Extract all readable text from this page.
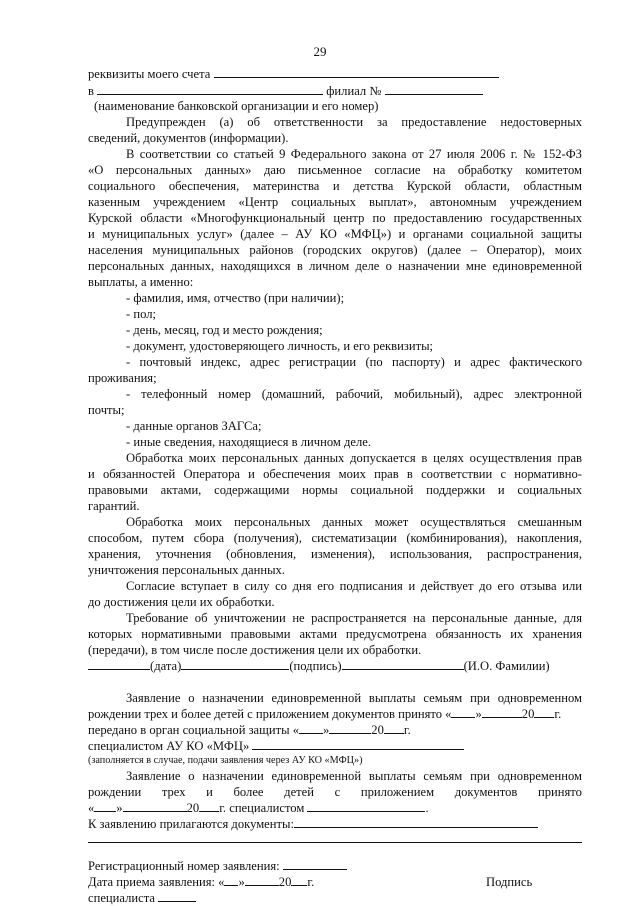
29
реквизиты моего счета
в	филиал №
(наименование банковской организации и его номер)
Предупрежден (а) об ответственности за предоставление недостоверных
сведений, документов (информации).
В соответствии со статьей 9 Федерального закона от 27 июля 2006 г. № 152-ФЗ
«О персональных данных» даю письменное согласие на обработку комитетом
социального обеспечения, материнства и детства Курской области, областным
казенным учреждением «Центр социальных выплат», автономным учреждением
Курской области «Многофункциональный центр по предоставлению государственных
и муниципальных услуг» (далее – АУ КО «МФЦ») и органами социальной защиты
населения муниципальных районов (городских округов) (далее – Оператор), моих
персональных данных, находящихся в личном деле о назначении мне единовременной
выплаты, а именно:
- фамилия, имя, отчество (при наличии);
- пол;
- день, месяц, год и место рождения;
- документ, удостоверяющего личность, и его реквизиты;
- почтовый индекс, адрес регистрации (по паспорту) и адрес фактического
проживания;
- телефонный номер (домашний, рабочий, мобильный), адрес электронной
почты;
- данные органов ЗАГСа;
- иные сведения, находящиеся в личном деле.
Обработка моих персональных данных допускается в целях осуществления прав
и обязанностей Оператора и обеспечения моих прав в соответствии с нормативно-
правовыми актами, содержащими нормы социальной поддержки и социальных
гарантий.
Обработка моих персональных данных может осуществляться смешанным
способом, путем сбора (получения), систематизации (комбинирования), накопления,
хранения, уточнения (обновления, изменения), использования, распространения,
уничтожения персональных данных.
Согласие вступает в силу со дня его подписания и действует до его отзыва или
до достижения цели их обработки.
Требование об уничтожении не распространяется на персональные данные, для
которых нормативными правовыми актами предусмотрена обязанность их хранения
(передачи), в том числе после достижения цели их обработки.
(дата)	(подпись)	(И.О. Фамилии)
Заявление о назначении единовременной выплаты семьям при одновременном
рождении трех и более детей с приложением документов принято « »	20 г.
передано в орган социальной защиты « »	20 г.
специалистом АУ КО «МФЦ»
(заполняется в случае, подачи заявления через АУ КО «МФЦ»)
Заявление о назначении единовременной выплаты семьям при одновременном
рождении трех и более детей с приложением документов принято
« »	20 г. специалистом	.
К заявлению прилагаются документы:
Регистрационный номер заявления:
Дата приема заявления: « »	20 г.	Подпись
специалиста
